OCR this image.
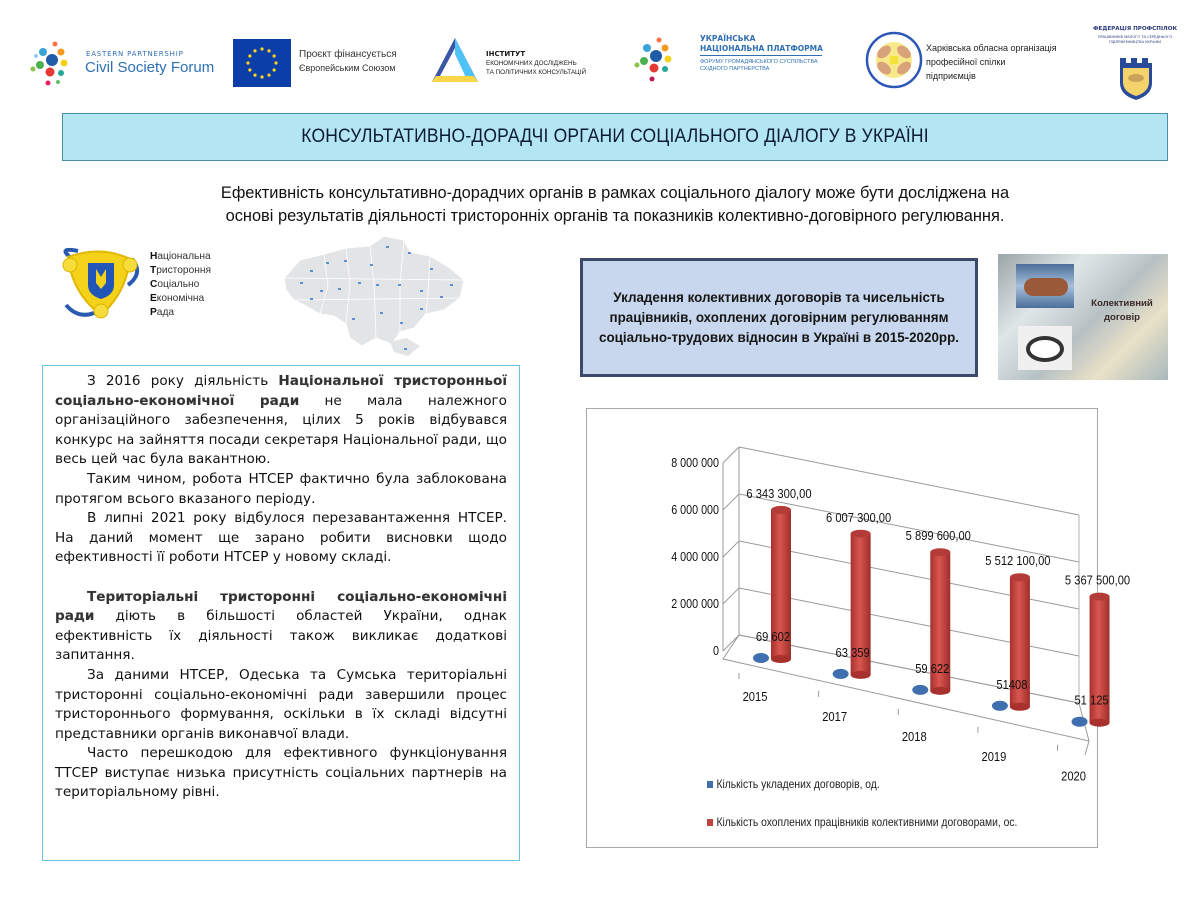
EASTERN PARTNERSHIP
Civil Society Forum
Проєкт фінансується
Європейським Союзом
ІНСТИТУТ
ЕКОНОМІЧНИХ ДОСЛІДЖЕНЬ
ТА ПОЛІТИЧНИХ КОНСУЛЬТАЦІЙ
УКРАЇНСЬКА
НАЦІОНАЛЬНА ПЛАТФОРМА
ФОРУМУ ГРОМАДЯНСЬКОГО СУСПІЛЬСТВА
СХІДНОГО ПАРТНЕРСТВА
Харківська обласна організація
професійної спілки
підприємців
ФЕДЕРАЦІЯ ПРОФСПІЛОК
ПРАЦІВНИКІВ МАЛОГО ТА СЕРЕДНЬОГО
ПІДПРИЄМНИЦТВА УКРАЇНИ
КОНСУЛЬТАТИВНО-ДОРАДЧІ ОРГАНИ СОЦІАЛЬНОГО ДІАЛОГУ В УКРАЇНІ
Ефективність консультативно-дорадчих органів в рамках соціального діалогу може бути досліджена на
основі результатів діяльності тристоронніх органів та показників колективно-договірного регулювання.
Національна
Тристороння
Соціально
Економічна
Рада

З 2016 року діяльність Національної тристоронньої соціально-економічної ради не мала належного організаційного забезпечення, цілих 5 років відбувався конкурс на зайняття посади секретаря Національної ради, що весь цей час була вакантною.

Таким чином, робота НТСЕР фактично була заблокована протягом всього вказаного періоду.

В липні 2021 року відбулося перезавантаження НТСЕР. На даний момент ще зарано робити висновки щодо ефективності її роботи НТСЕР у новому складі.

Територіальні тристоронні соціально-економічні ради діють в більшості областей України, однак ефективність їх діяльності також викликає додаткові запитання.

За даними НТСЕР, Одеська та Сумська територіальні тристоронні соціально-економічні ради завершили процес тристороннього формування, оскільки в їх складі відсутні представники органів виконавчої влади.

Часто перешкодою для ефективного функціонування ТТСЕР виступає низька присутність соціальних партнерів на територіальному рівні.

Укладення колективних договорів та чисельність працівників, охоплених договірним регулюванням соціально-трудових відносин в Україні в 2015-2020рр.
Колективний
договір
0
2 000 000
4 000 000
6 000 000
8 000 000
6 343 300,00
69 602
2015
6 007 300,00
63 359
2017
5 899 600,00
59 622
2018
5 512 100,00
51408
2019
5 367 500,00
51 125
2020
Кількість укладених договорів, од.
Кількість охоплених працівників колективними договорами, ос.
